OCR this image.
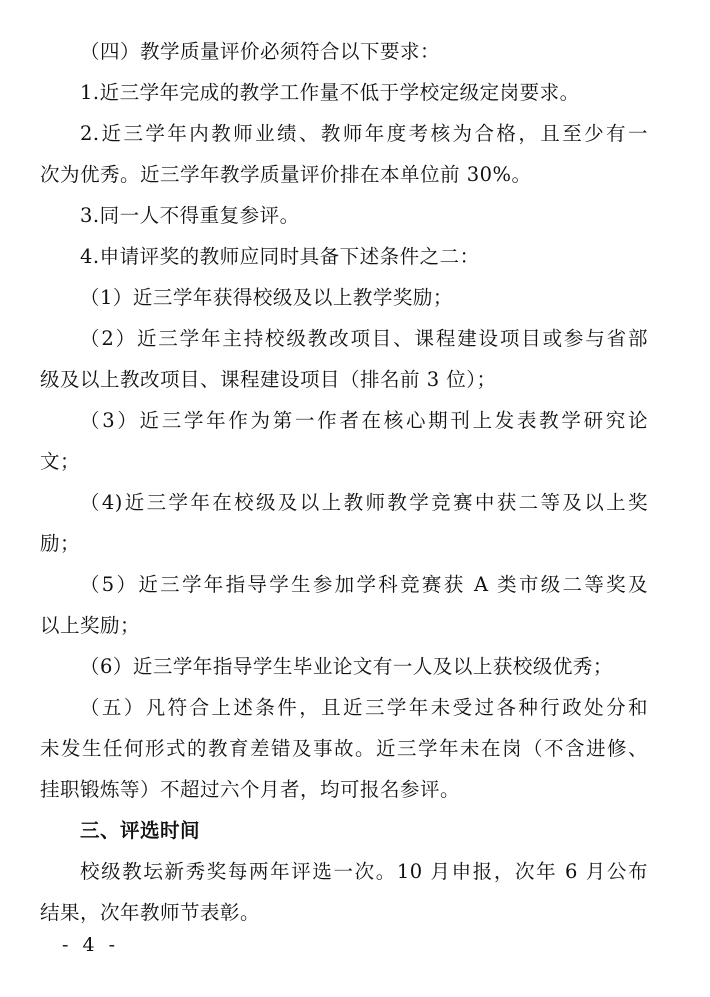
（四）教学质量评价必须符合以下要求：
1.近三学年完成的教学工作量不低于学校定级定岗要求。
2.近三学年内教师业绩、教师年度考核为合格，且至少有一
次为优秀。近三学年教学质量评价排在本单位前 30%。
3.同一人不得重复参评。
4.申请评奖的教师应同时具备下述条件之二：
（1）近三学年获得校级及以上教学奖励；
（2）近三学年主持校级教改项目、课程建设项目或参与省部
级及以上教改项目、课程建设项目（排名前 3 位）；
（3）近三学年作为第一作者在核心期刊上发表教学研究论
文；
（4)近三学年在校级及以上教师教学竞赛中获二等及以上奖
励；
（5）近三学年指导学生参加学科竞赛获 A 类市级二等奖及
以上奖励；
（6）近三学年指导学生毕业论文有一人及以上获校级优秀；
（五）凡符合上述条件，且近三学年未受过各种行政处分和
未发生任何形式的教育差错及事故。近三学年未在岗（不含进修、
挂职锻炼等）不超过六个月者，均可报名参评。
三、评选时间
校级教坛新秀奖每两年评选一次。10 月申报，次年 6 月公布
结果，次年教师节表彰。
- 4 -
